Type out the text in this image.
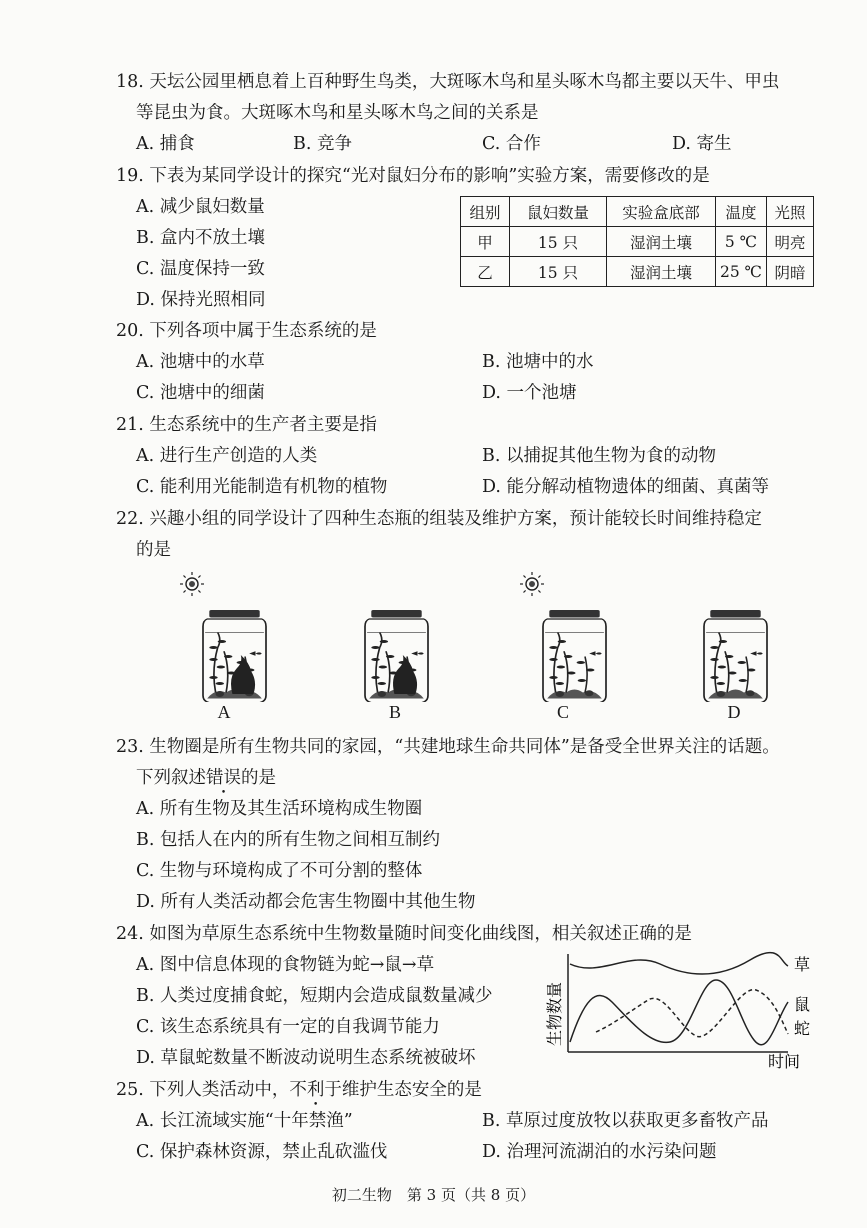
18. 天坛公园里栖息着上百种野生鸟类，大斑啄木鸟和星头啄木鸟都主要以天牛、甲虫
等昆虫为食。大斑啄木鸟和星头啄木鸟之间的关系是
A. 捕食	B. 竞争	C. 合作	D. 寄生
19. 下表为某同学设计的探究“光对鼠妇分布的影响”实验方案，需要修改的是
A. 减少鼠妇数量
B. 盒内不放土壤
C. 温度保持一致
D. 保持光照相同
组别	鼠妇数量	实验盒底部	温度	光照
甲	15 只	湿润土壤	5 ℃	明亮
乙	15 只	湿润土壤	25 ℃	阴暗
20. 下列各项中属于生态系统的是
A. 池塘中的水草	B. 池塘中的水
C. 池塘中的细菌	D. 一个池塘
21. 生态系统中的生产者主要是指
A. 进行生产创造的人类	B. 以捕捉其他生物为食的动物
C. 能利用光能制造有机物的植物	D. 能分解动植物遗体的细菌、真菌等
22. 兴趣小组的同学设计了四种生态瓶的组装及维护方案，预计能较长时间维持稳定
的是
A	B	C	D
23. 生物圈是所有生物共同的家园，“共建地球生命共同体”是备受全世界关注的话题。
下列叙述错误的是
A. 所有生物及其生活环境构成生物圈
B. 包括人在内的所有生物之间相互制约
C. 生物与环境构成了不可分割的整体
D. 所有人类活动都会危害生物圈中其他生物
24. 如图为草原生态系统中生物数量随时间变化曲线图，相关叙述正确的是
A. 图中信息体现的食物链为蛇→鼠→草
B. 人类过度捕食蛇，短期内会造成鼠数量减少
C. 该生态系统具有一定的自我调节能力
D. 草鼠蛇数量不断波动说明生态系统被破坏
草
鼠
蛇
时间
生物数量
25. 下列人类活动中，不利于维护生态安全的是
A. 长江流域实施“十年禁渔”	B. 草原过度放牧以获取更多畜牧产品
C. 保护森林资源，禁止乱砍滥伐	D. 治理河流湖泊的水污染问题
初二生物　第 3 页（共 8 页）
